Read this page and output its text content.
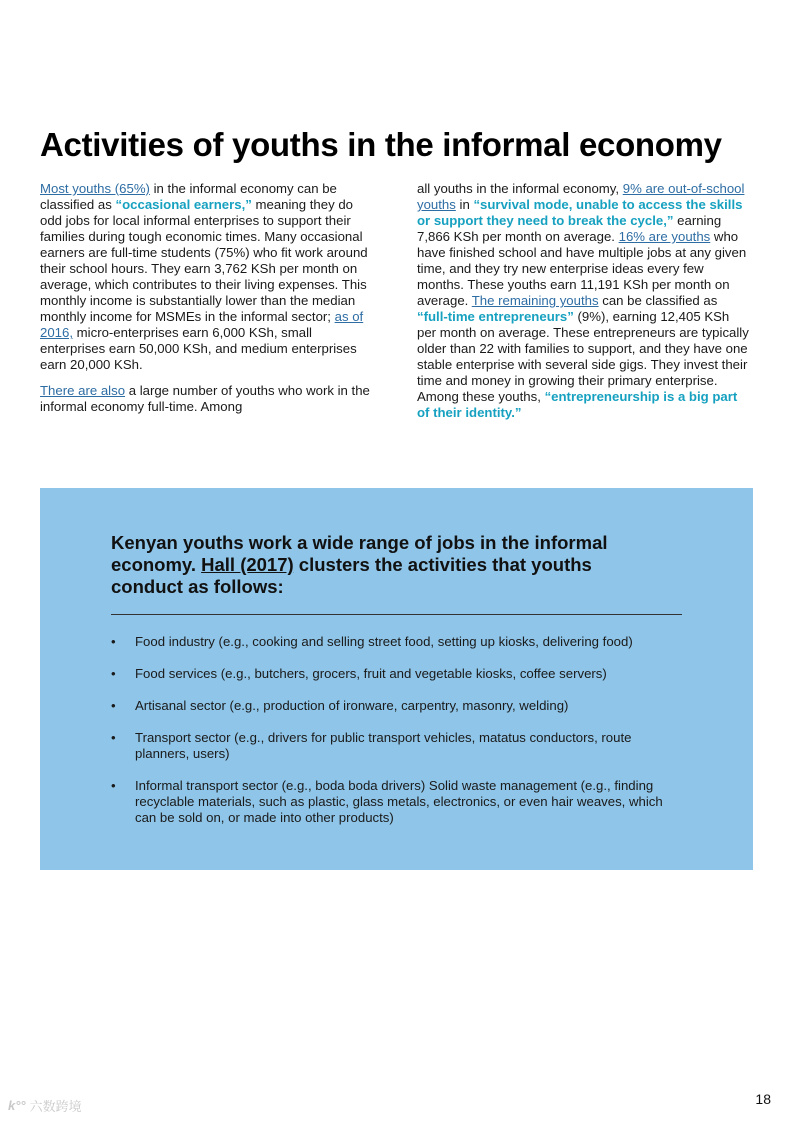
Activities of youths in the informal economy

Most youths (65%) in the informal economy can be classified as “occasional earners,” meaning they do odd jobs for local informal enterprises to support their families during tough economic times. Many occasional earners are full-time students (75%) who fit work around their school hours. They earn 3,762 KSh per month on average, which contributes to their living expenses. This monthly income is substantially lower than the median monthly income for MSMEs in the informal sector; as of 2016, micro-enterprises earn 6,000 KSh, small enterprises earn 50,000 KSh, and medium enterprises earn 20,000 KSh.

There are also a large number of youths who work in the informal economy full-time. Among

all youths in the informal economy, 9% are out-of-school youths in “survival mode, unable to access the skills or support they need to break the cycle,” earning 7,866 KSh per month on average. 16% are youths who have finished school and have multiple jobs at any given time, and they try new enterprise ideas every few months. These youths earn 11,191 KSh per month on average. The remaining youths can be classified as “full-time entrepreneurs” (9%), earning 12,405 KSh per month on average. These entrepreneurs are typically older than 22 with families to support, and they have one stable enterprise with several side gigs. They invest their time and money in growing their primary enterprise. Among these youths, “entrepreneurship is a big part of their identity.”

Kenyan youths work a wide range of jobs in the informal economy. Hall (2017) clusters the activities that youths conduct as follows:
• Food industry (e.g., cooking and selling street food, setting up kiosks, delivering food)
• Food services (e.g., butchers, grocers, fruit and vegetable kiosks, coffee servers)
• Artisanal sector (e.g., production of ironware, carpentry, masonry, welding)
• Transport sector (e.g., drivers for public transport vehicles, matatus conductors, route planners, users)
• Informal transport sector (e.g., boda boda drivers) Solid waste management (e.g., finding recyclable materials, such as plastic, glass metals, electronics, or even hair weaves, which can be sold on, or made into other products)
k°° 六数跨境	18
